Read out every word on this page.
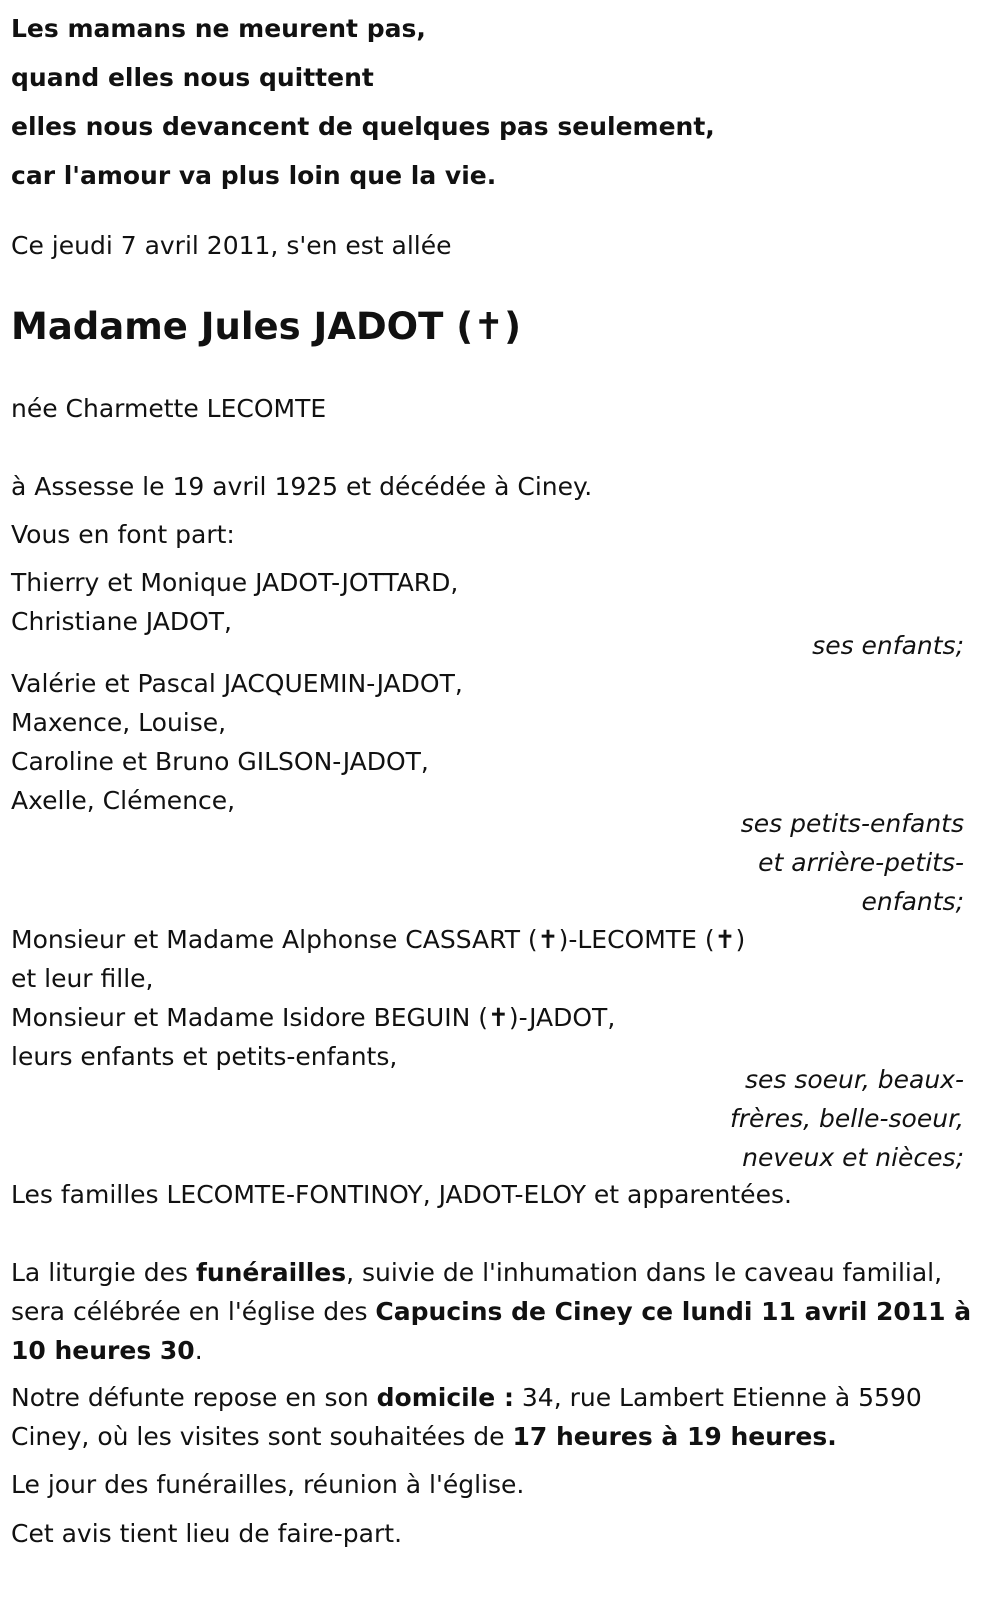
Les mamans ne meurent pas,
quand elles nous quittent
elles nous devancent de quelques pas seulement,
car l'amour va plus loin que la vie.
Ce jeudi 7 avril 2011, s'en est allée
Madame Jules JADOT (✝)
née Charmette LECOMTE
à Assesse le 19 avril 1925 et décédée à Ciney.
Vous en font part:
Thierry et Monique JADOT-JOTTARD,
Christiane JADOT,
ses enfants;
Valérie et Pascal JACQUEMIN-JADOT,
Maxence, Louise,
Caroline et Bruno GILSON-JADOT,
Axelle, Clémence,
ses petits-enfants
et arrière-petits-
enfants;
Monsieur et Madame Alphonse CASSART (✝)-LECOMTE (✝)
et leur fille,
Monsieur et Madame Isidore BEGUIN (✝)-JADOT,
leurs enfants et petits-enfants,
ses soeur, beaux-
frères, belle-soeur,
neveux et nièces;
Les familles LECOMTE-FONTINOY, JADOT-ELOY et apparentées.
La liturgie des funérailles, suivie de l'inhumation dans le caveau familial, sera célébrée en l'église des Capucins de Ciney ce lundi 11 avril 2011 à 10 heures 30.
Notre défunte repose en son domicile : 34, rue Lambert Etienne à 5590 Ciney, où les visites sont souhaitées de 17 heures à 19 heures.
Le jour des funérailles, réunion à l'église.
Cet avis tient lieu de faire-part.
